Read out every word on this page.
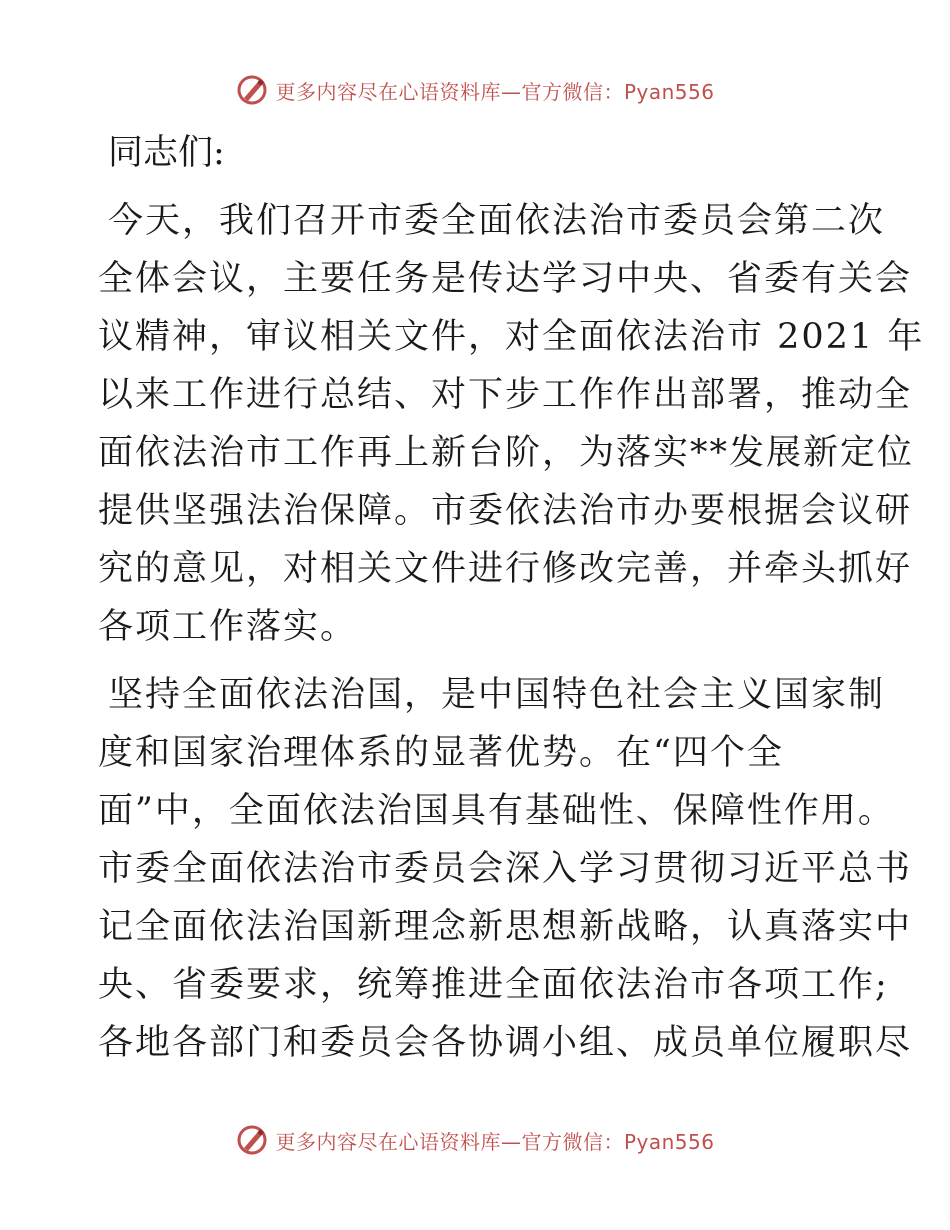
更多内容尽在心语资料库—官方微信：Pyan556
同志们:
今天，我们召开市委全面依法治市委员会第二次
全体会议，主要任务是传达学习中央、省委有关会
议精神，审议相关文件，对全面依法治市 2021 年
以来工作进行总结、对下步工作作出部署，推动全
面依法治市工作再上新台阶，为落实**发展新定位
提供坚强法治保障。市委依法治市办要根据会议研
究的意见，对相关文件进行修改完善，并牵头抓好
各项工作落实。
坚持全面依法治国，是中国特色社会主义国家制
度和国家治理体系的显著优势。在“四个全
面”中，全面依法治国具有基础性、保障性作用。
市委全面依法治市委员会深入学习贯彻习近平总书
记全面依法治国新理念新思想新战略，认真落实中
央、省委要求，统筹推进全面依法治市各项工作;
各地各部门和委员会各协调小组、成员单位履职尽
更多内容尽在心语资料库—官方微信：Pyan556
